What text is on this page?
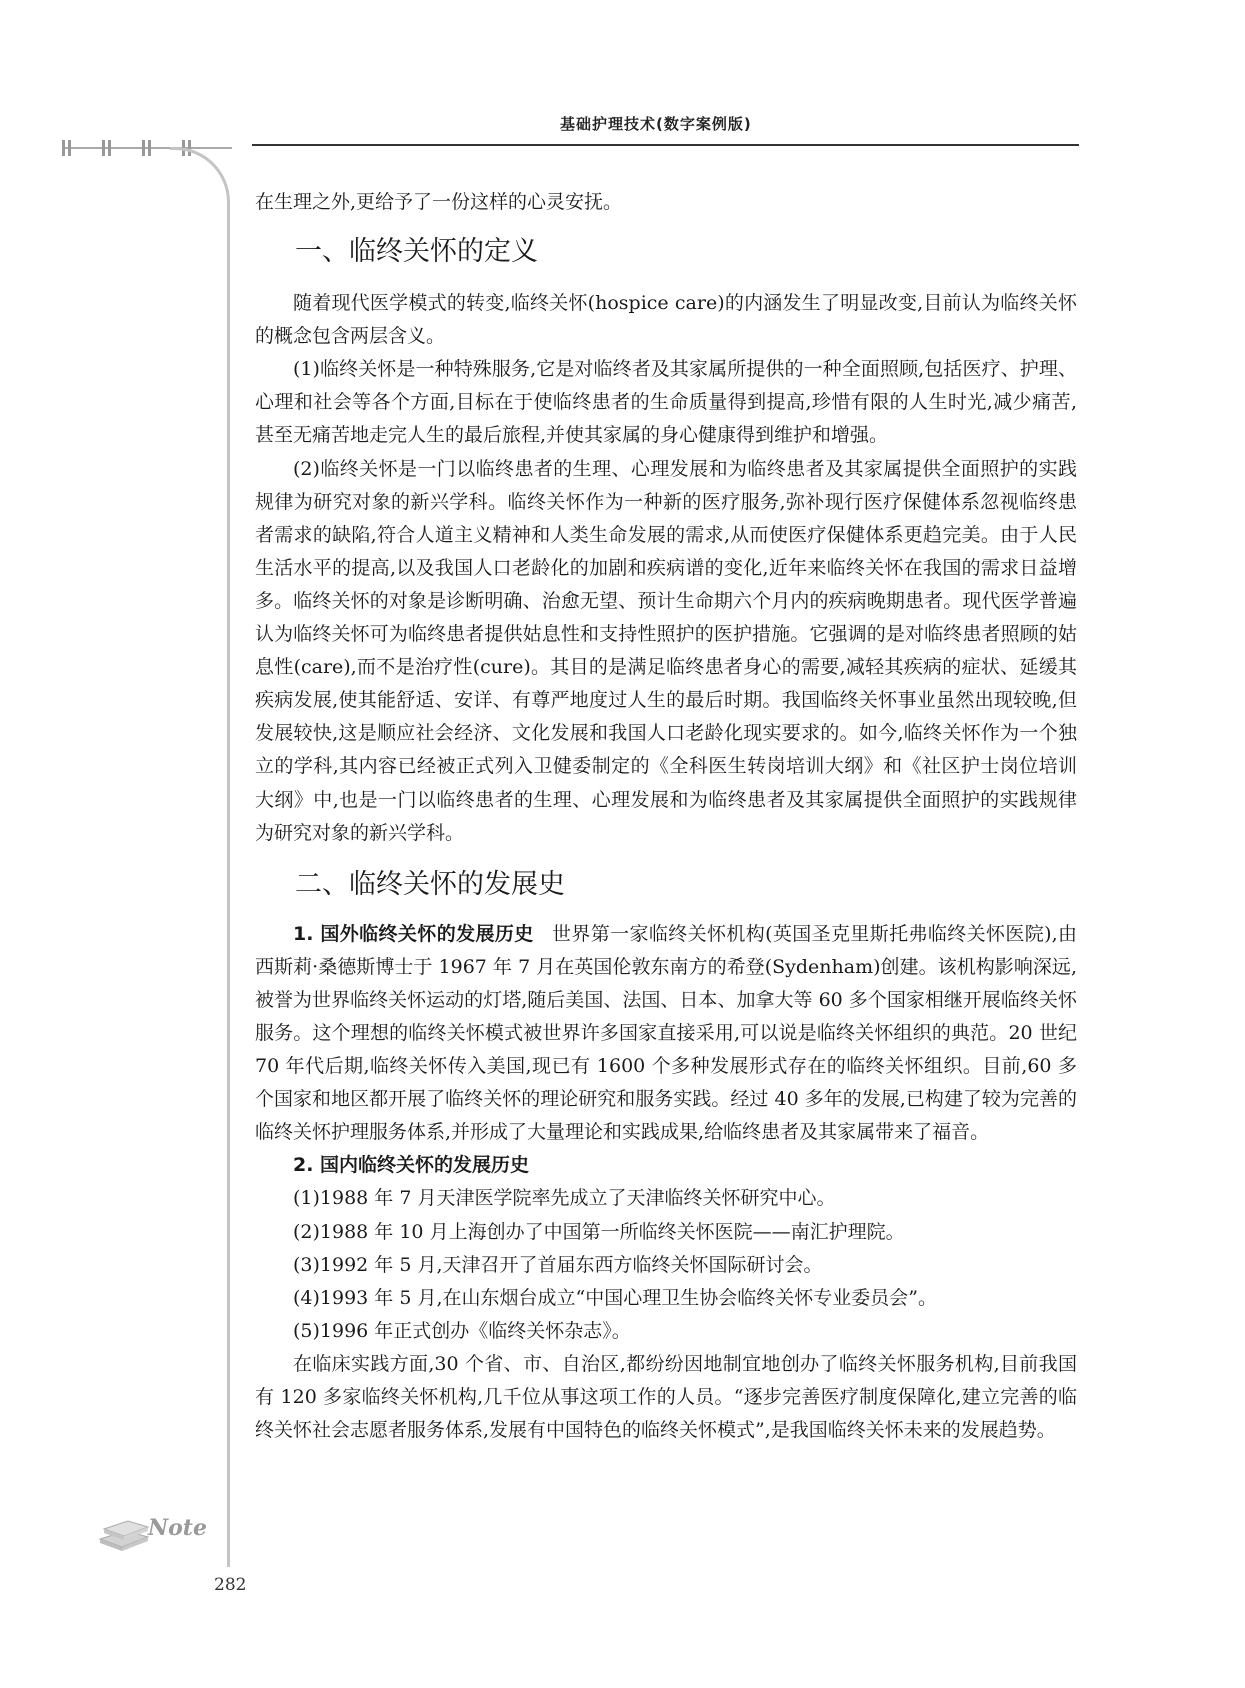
基础护理技术(数字案例版)

在生理之外,更给予了一份这样的心灵安抚。

一、临终关怀的定义

随着现代医学模式的转变,临终关怀(hospice care)的内涵发生了明显改变,目前认为临终关怀的概念包含两层含义。

(1)临终关怀是一种特殊服务,它是对临终者及其家属所提供的一种全面照顾,包括医疗、护理、心理和社会等各个方面,目标在于使临终患者的生命质量得到提高,珍惜有限的人生时光,减少痛苦,甚至无痛苦地走完人生的最后旅程,并使其家属的身心健康得到维护和增强。

(2)临终关怀是一门以临终患者的生理、心理发展和为临终患者及其家属提供全面照护的实践规律为研究对象的新兴学科。临终关怀作为一种新的医疗服务,弥补现行医疗保健体系忽视临终患者需求的缺陷,符合人道主义精神和人类生命发展的需求,从而使医疗保健体系更趋完美。由于人民生活水平的提高,以及我国人口老龄化的加剧和疾病谱的变化,近年来临终关怀在我国的需求日益增多。临终关怀的对象是诊断明确、治愈无望、预计生命期六个月内的疾病晚期患者。现代医学普遍认为临终关怀可为临终患者提供姑息性和支持性照护的医护措施。它强调的是对临终患者照顾的姑息性(care),而不是治疗性(cure)。其目的是满足临终患者身心的需要,减轻其疾病的症状、延缓其疾病发展,使其能舒适、安详、有尊严地度过人生的最后时期。我国临终关怀事业虽然出现较晚,但发展较快,这是顺应社会经济、文化发展和我国人口老龄化现实要求的。如今,临终关怀作为一个独立的学科,其内容已经被正式列入卫健委制定的《全科医生转岗培训大纲》和《社区护士岗位培训大纲》中,也是一门以临终患者的生理、心理发展和为临终患者及其家属提供全面照护的实践规律为研究对象的新兴学科。

二、临终关怀的发展史

1. 国外临终关怀的发展历史 世界第一家临终关怀机构(英国圣克里斯托弗临终关怀医院),由西斯莉·桑德斯博士于 1967 年 7 月在英国伦敦东南方的希登(Sydenham)创建。该机构影响深远,被誉为世界临终关怀运动的灯塔,随后美国、法国、日本、加拿大等 60 多个国家相继开展临终关怀服务。这个理想的临终关怀模式被世界许多国家直接采用,可以说是临终关怀组织的典范。20 世纪 70 年代后期,临终关怀传入美国,现已有 1600 个多种发展形式存在的临终关怀组织。目前,60 多个国家和地区都开展了临终关怀的理论研究和服务实践。经过 40 多年的发展,已构建了较为完善的临终关怀护理服务体系,并形成了大量理论和实践成果,给临终患者及其家属带来了福音。

2. 国内临终关怀的发展历史

(1)1988 年 7 月天津医学院率先成立了天津临终关怀研究中心。

(2)1988 年 10 月上海创办了中国第一所临终关怀医院——南汇护理院。

(3)1992 年 5 月,天津召开了首届东西方临终关怀国际研讨会。

(4)1993 年 5 月,在山东烟台成立“中国心理卫生协会临终关怀专业委员会”。

(5)1996 年正式创办《临终关怀杂志》。

在临床实践方面,30 个省、市、自治区,都纷纷因地制宜地创办了临终关怀服务机构,目前我国有 120 多家临终关怀机构,几千位从事这项工作的人员。“逐步完善医疗制度保障化,建立完善的临终关怀社会志愿者服务体系,发展有中国特色的临终关怀模式”,是我国临终关怀未来的发展趋势。

Note
282
